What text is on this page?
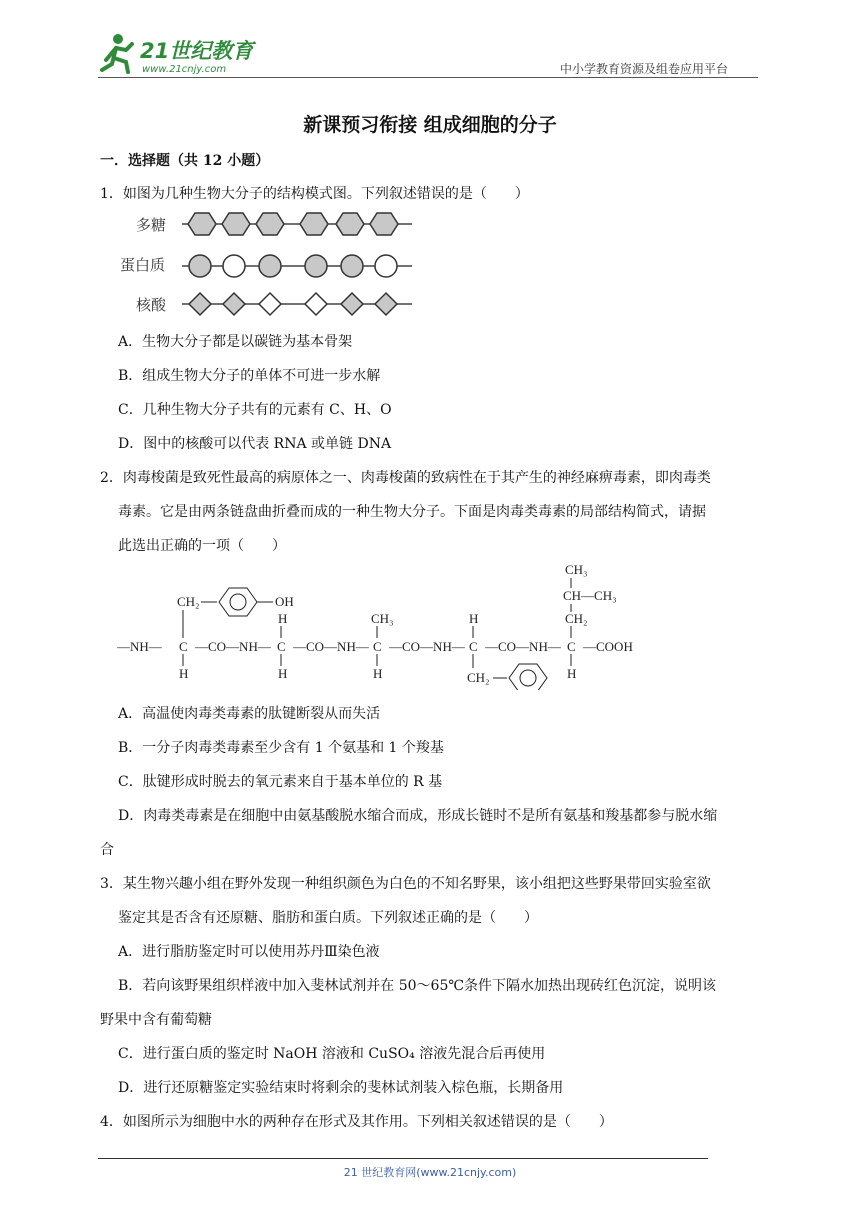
21世纪教育
www.21cnjy.com	中小学教育资源及组卷应用平台
新课预习衔接 组成细胞的分子
一．选择题（共 12 小题）
1．如图为几种生物大分子的结构模式图。下列叙述错误的是（　　）
多糖
蛋白质
核酸
A．生物大分子都是以碳链为基本骨架
B．组成生物大分子的单体不可进一步水解
C．几种生物大分子共有的元素有 C、H、O
D．图中的核酸可以代表 RNA 或单链 DNA
2．肉毒梭菌是致死性最高的病原体之一、肉毒梭菌的致病性在于其产生的神经麻痹毒素，即肉毒类
毒素。它是由两条链盘曲折叠而成的一种生物大分子。下面是肉毒类毒素的局部结构简式，请据
此选出正确的一项（　　）
—NH— C —CO—NH— C —CO—NH— C —CO—NH— C —CO—NH— C —COOH
CH₂
H	CH₃	H	CH₂
CH—CH₃
CH₃
OH
H	H	H	CH₂	H
A．高温使肉毒类毒素的肽键断裂从而失活
B．一分子肉毒类毒素至少含有 1 个氨基和 1 个羧基
C．肽键形成时脱去的氧元素来自于基本单位的 R 基
D．肉毒类毒素是在细胞中由氨基酸脱水缩合而成，形成长链时不是所有氨基和羧基都参与脱水缩
合
3．某生物兴趣小组在野外发现一种组织颜色为白色的不知名野果，该小组把这些野果带回实验室欲
鉴定其是否含有还原糖、脂肪和蛋白质。下列叙述正确的是（　　）
A．进行脂肪鉴定时可以使用苏丹Ⅲ染色液
B．若向该野果组织样液中加入斐林试剂并在 50～65℃条件下隔水加热出现砖红色沉淀，说明该
野果中含有葡萄糖
C．进行蛋白质的鉴定时 NaOH 溶液和 CuSO₄ 溶液先混合后再使用
D．进行还原糖鉴定实验结束时将剩余的斐林试剂装入棕色瓶，长期备用
4．如图所示为细胞中水的两种存在形式及其作用。下列相关叙述错误的是（　　）
21 世纪教育网(www.21cnjy.com)
